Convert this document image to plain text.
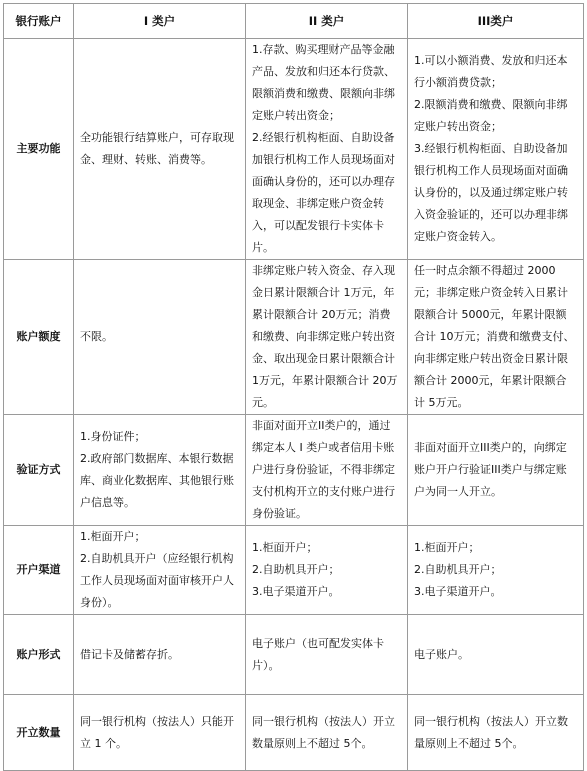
银行账户	I 类户	II 类户	III类户
主要功能	全功能银行结算账户，可存取现金、理财、转账、消费等。	1.存款、购买理财产品等金融产品、发放和归还本行贷款、限额消费和缴费、限额向非绑定账户转出资金；
2.经银行机构柜面、自助设备加银行机构工作人员现场面对面确认身份的，还可以办理存取现金、非绑定账户资金转入，可以配发银行卡实体卡片。	1.可以小额消费、发放和归还本行小额消费贷款；
2.限额消费和缴费、限额向非绑定账户转出资金；
3.经银行机构柜面、自助设备加银行机构工作人员现场面对面确认身份的，以及通过绑定账户转入资金验证的，还可以办理非绑定账户资金转入。

账户额度	不限。	非绑定账户转入资金、存入现金日累计限额合计 1万元，年累计限额合计 20万元；消费和缴费、向非绑定账户转出资金、取出现金日累计限额合计 1万元，年累计限额合计 20万元。	任一时点余额不得超过 2000元；非绑定账户资金转入日累计限额合计 5000元，年累计限额合计 10万元；消费和缴费支付、向非绑定账户转出资金日累计限额合计 2000元，年累计限额合计 5万元。

验证方式	1.身份证件；
2.政府部门数据库、本银行数据库、商业化数据库、其他银行账户信息等。	非面对面开立II类户的，通过绑定本人 I 类户或者信用卡账户进行身份验证，不得非绑定支付机构开立的支付账户进行身份验证。	非面对面开立III类户的，向绑定账户开户行验证III类户与绑定账户为同一人开立。

开户渠道	1.柜面开户；
2.自助机具开户（应经银行机构工作人员现场面对面审核开户人身份）。	1.柜面开户；
2.自助机具开户；
3.电子渠道开户。	1.柜面开户；
2.自助机具开户；
3.电子渠道开户。

账户形式	借记卡及储蓄存折。	电子账户（也可配发实体卡片）。	电子账户。

开立数量	同一银行机构（按法人）只能开立 1 个。	同一银行机构（按法人）开立数量原则上不超过 5个。	同一银行机构（按法人）开立数量原则上不超过 5个。
